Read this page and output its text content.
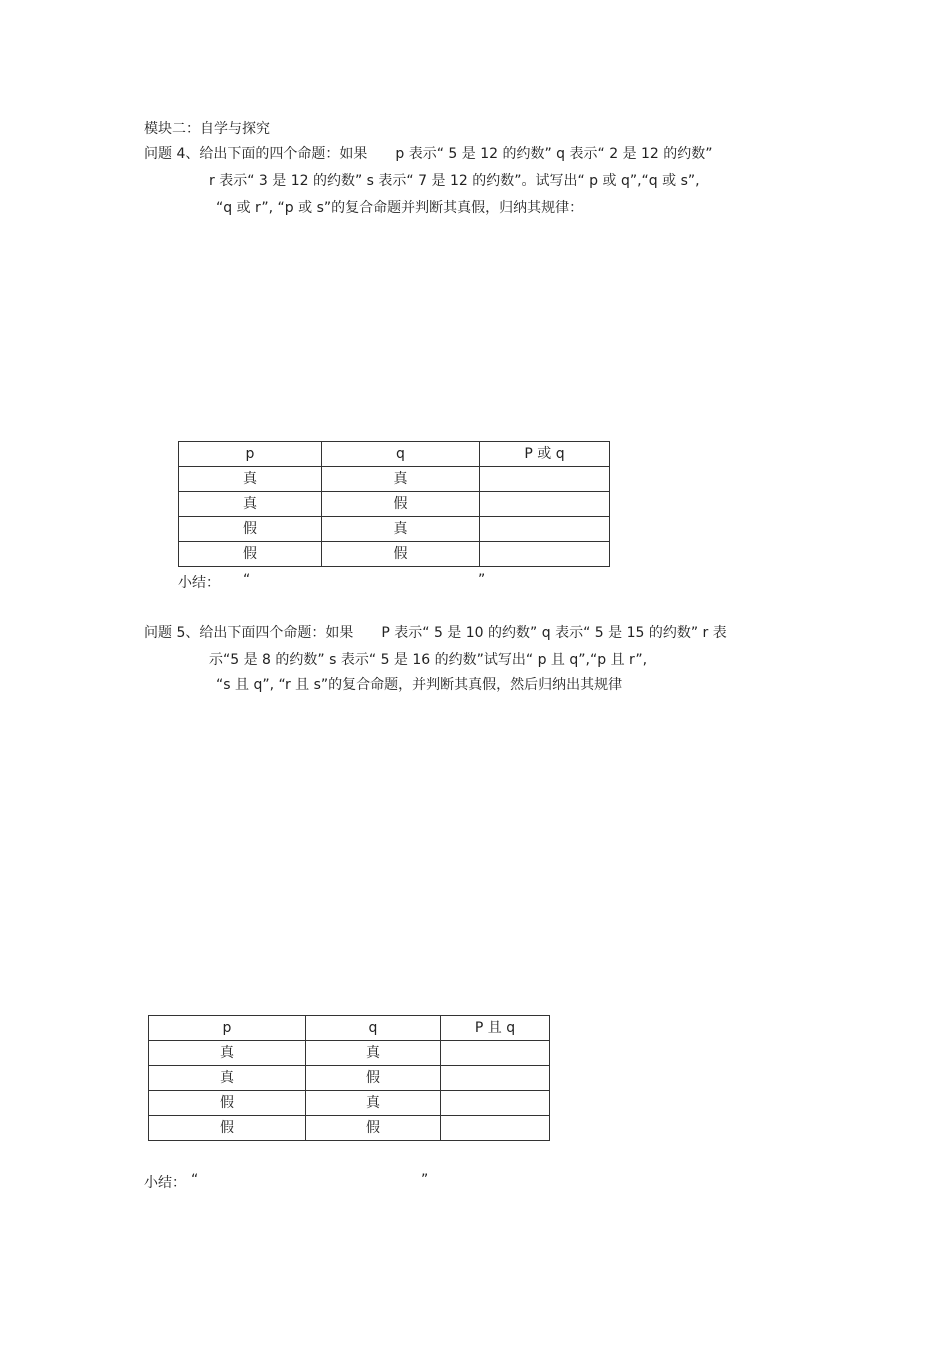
模块二：自学与探究
问题 4、给出下面的四个命题：如果　　p 表示“ 5 是 12 的约数” q 表示“ 2 是 12 的约数”
r 表示“ 3 是 12 的约数” s 表示“ 7 是 12 的约数”。试写出“ p 或 q”,“q 或 s”,
“q 或 r”, “p 或 s”的复合命题并判断其真假，归纳其规律：
p	q	P 或 q
真	真	
真	假	
假	真	
假	假	
小结： “	”
问题 5、给出下面四个命题：如果　　P 表示“ 5 是 10 的约数” q 表示“ 5 是 15 的约数” r 表
示“5 是 8 的约数” s 表示“ 5 是 16 的约数”试写出“ p 且 q”,“p 且 r”,
“s 且 q”, “r 且 s”的复合命题，并判断其真假，然后归纳出其规律
p	q	P 且 q
真	真	
真	假	
假	真	
假	假	
小结： “	”
